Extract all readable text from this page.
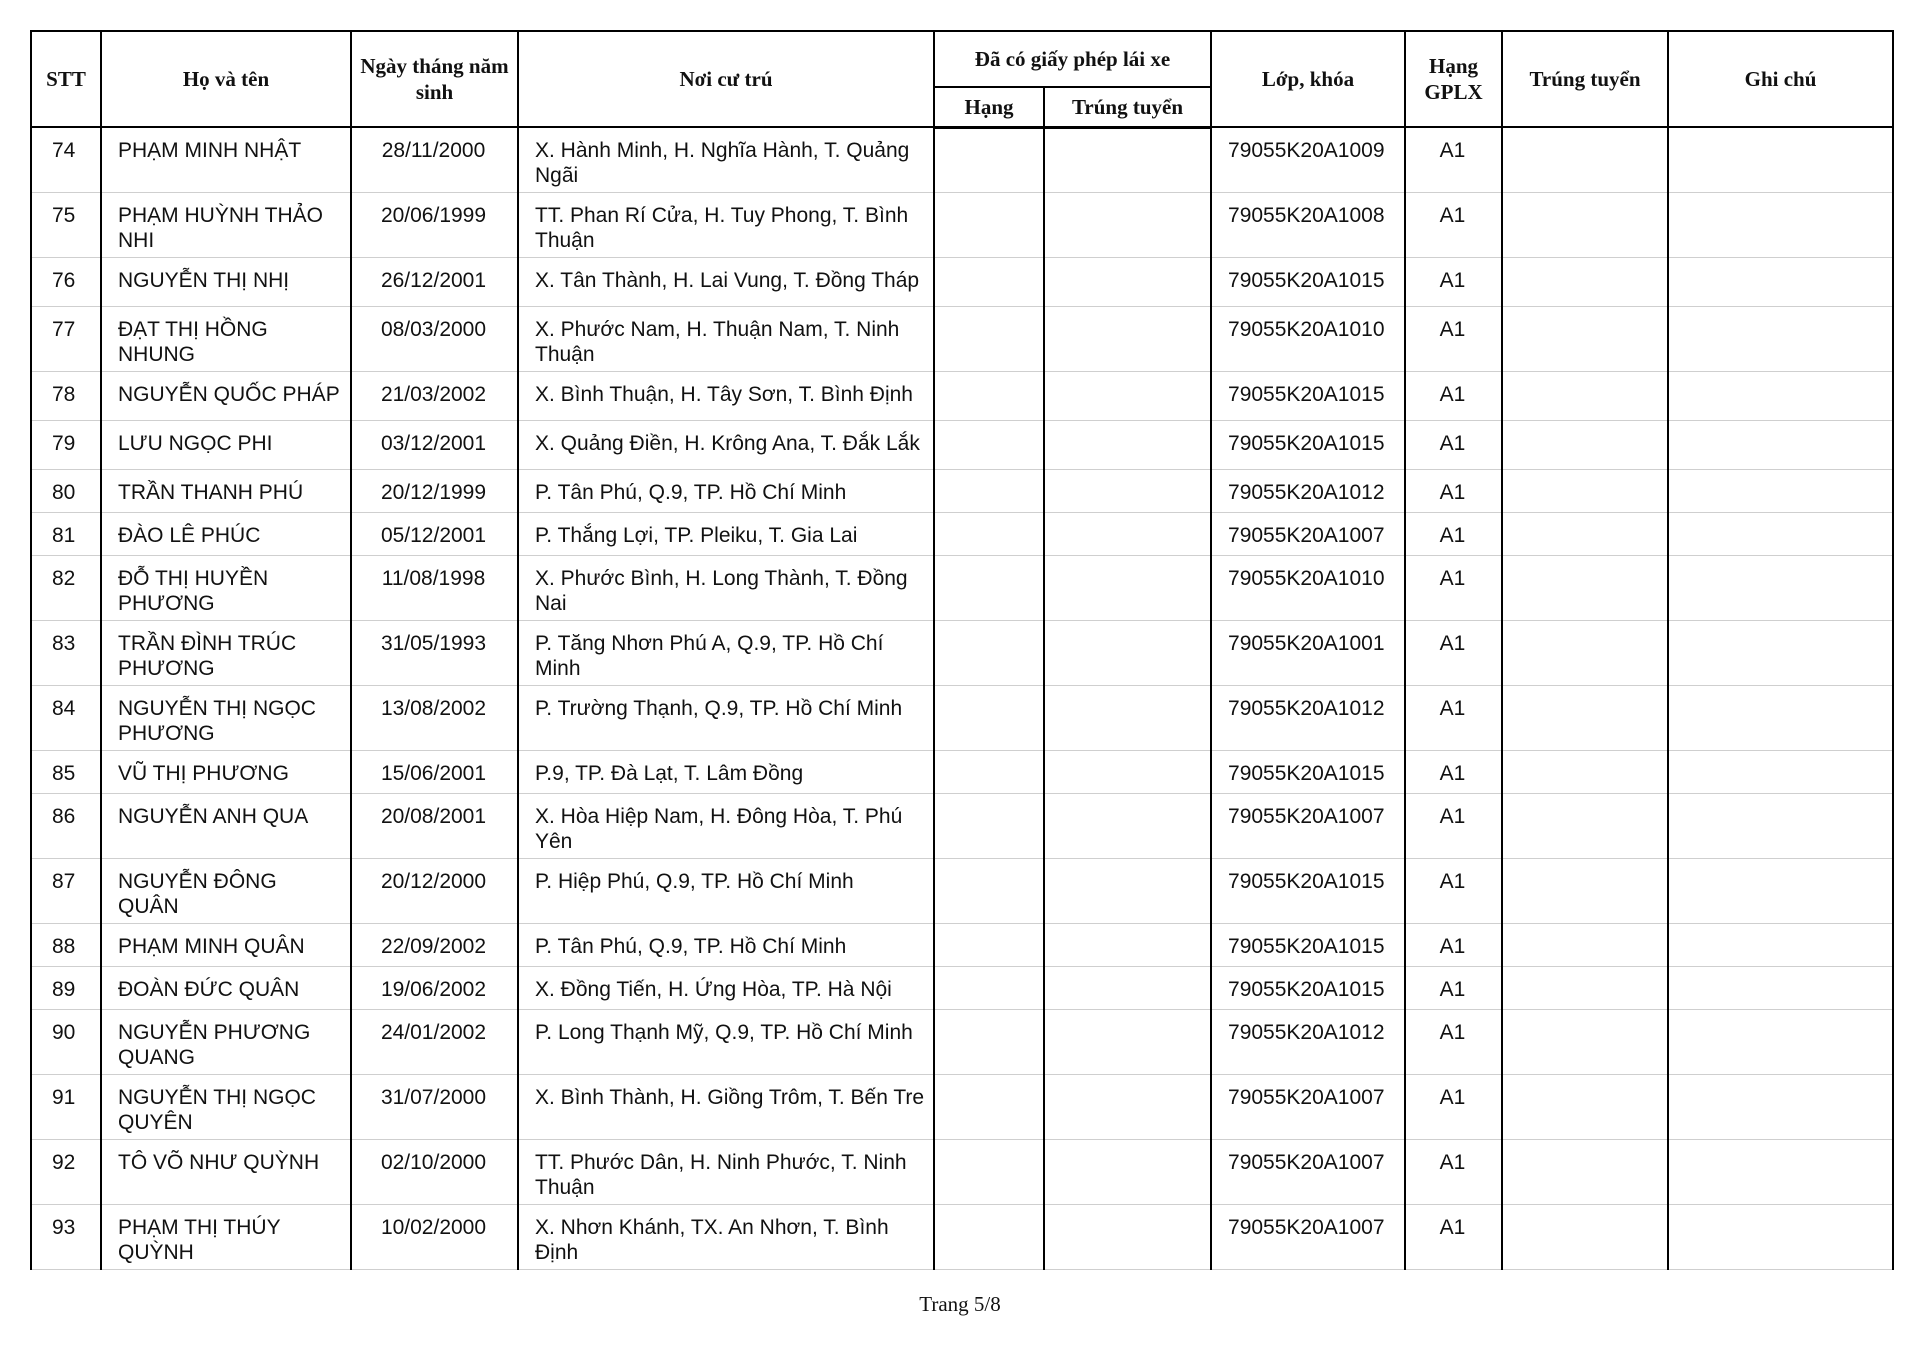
STT	Họ và tên	Ngày tháng năm sinh	Nơi cư trú	Đã có giấy phép lái xe		Lớp, khóa	Hạng GPLX	Trúng tuyển	Ghi chú
				Hạng	Trúng tuyển				
74	PHẠM MINH NHẬT	28/11/2000	X. Hành Minh, H. Nghĩa Hành, T. Quảng Ngãi			79055K20A1009	A1		
75	PHẠM HUỲNH THẢO NHI	20/06/1999	TT. Phan Rí Cửa, H. Tuy Phong, T. Bình Thuận			79055K20A1008	A1		
76	NGUYỄN THỊ NHỊ	26/12/2001	X. Tân Thành, H. Lai Vung, T. Đồng Tháp			79055K20A1015	A1		
77	ĐẠT THỊ HỒNG NHUNG	08/03/2000	X. Phước Nam, H. Thuận Nam, T. Ninh Thuận			79055K20A1010	A1		
78	NGUYỄN QUỐC PHÁP	21/03/2002	X. Bình Thuận, H. Tây Sơn, T. Bình Định			79055K20A1015	A1		
79	LƯU NGỌC PHI	03/12/2001	X. Quảng Điền, H. Krông Ana, T. Đắk Lắk			79055K20A1015	A1		
80	TRẦN THANH PHÚ	20/12/1999	P. Tân Phú, Q.9, TP. Hồ Chí Minh			79055K20A1012	A1		
81	ĐÀO LÊ PHÚC	05/12/2001	P. Thắng Lợi, TP. Pleiku, T. Gia Lai			79055K20A1007	A1		
82	ĐỖ THỊ HUYỀN PHƯƠNG	11/08/1998	X. Phước Bình, H. Long Thành, T. Đồng Nai			79055K20A1010	A1		
83	TRẦN ĐÌNH TRÚC PHƯƠNG	31/05/1993	P. Tăng Nhơn Phú A, Q.9, TP. Hồ Chí Minh			79055K20A1001	A1		
84	NGUYỄN THỊ NGỌC PHƯƠNG	13/08/2002	P. Trường Thạnh, Q.9, TP. Hồ Chí Minh			79055K20A1012	A1		
85	VŨ THỊ PHƯƠNG	15/06/2001	P.9, TP. Đà Lạt, T. Lâm Đồng			79055K20A1015	A1		
86	NGUYỄN ANH QUA	20/08/2001	X. Hòa Hiệp Nam, H. Đông Hòa, T. Phú Yên			79055K20A1007	A1		
87	NGUYỄN ĐÔNG QUÂN	20/12/2000	P. Hiệp Phú, Q.9, TP. Hồ Chí Minh			79055K20A1015	A1		
88	PHẠM MINH QUÂN	22/09/2002	P. Tân Phú, Q.9, TP. Hồ Chí Minh			79055K20A1015	A1		
89	ĐOÀN ĐỨC QUÂN	19/06/2002	X. Đồng Tiến, H. Ứng Hòa, TP. Hà Nội			79055K20A1015	A1		
90	NGUYỄN PHƯƠNG QUANG	24/01/2002	P. Long Thạnh Mỹ, Q.9, TP. Hồ Chí Minh			79055K20A1012	A1		
91	NGUYỄN THỊ NGỌC QUYÊN	31/07/2000	X. Bình Thành, H. Giồng Trôm, T. Bến Tre			79055K20A1007	A1		
92	TÔ VÕ NHƯ QUỲNH	02/10/2000	TT. Phước Dân, H. Ninh Phước, T. Ninh Thuận			79055K20A1007	A1		
93	PHẠM THỊ THÚY QUỲNH	10/02/2000	X. Nhơn Khánh, TX. An Nhơn, T. Bình Định			79055K20A1007	A1		
Trang 5/8
